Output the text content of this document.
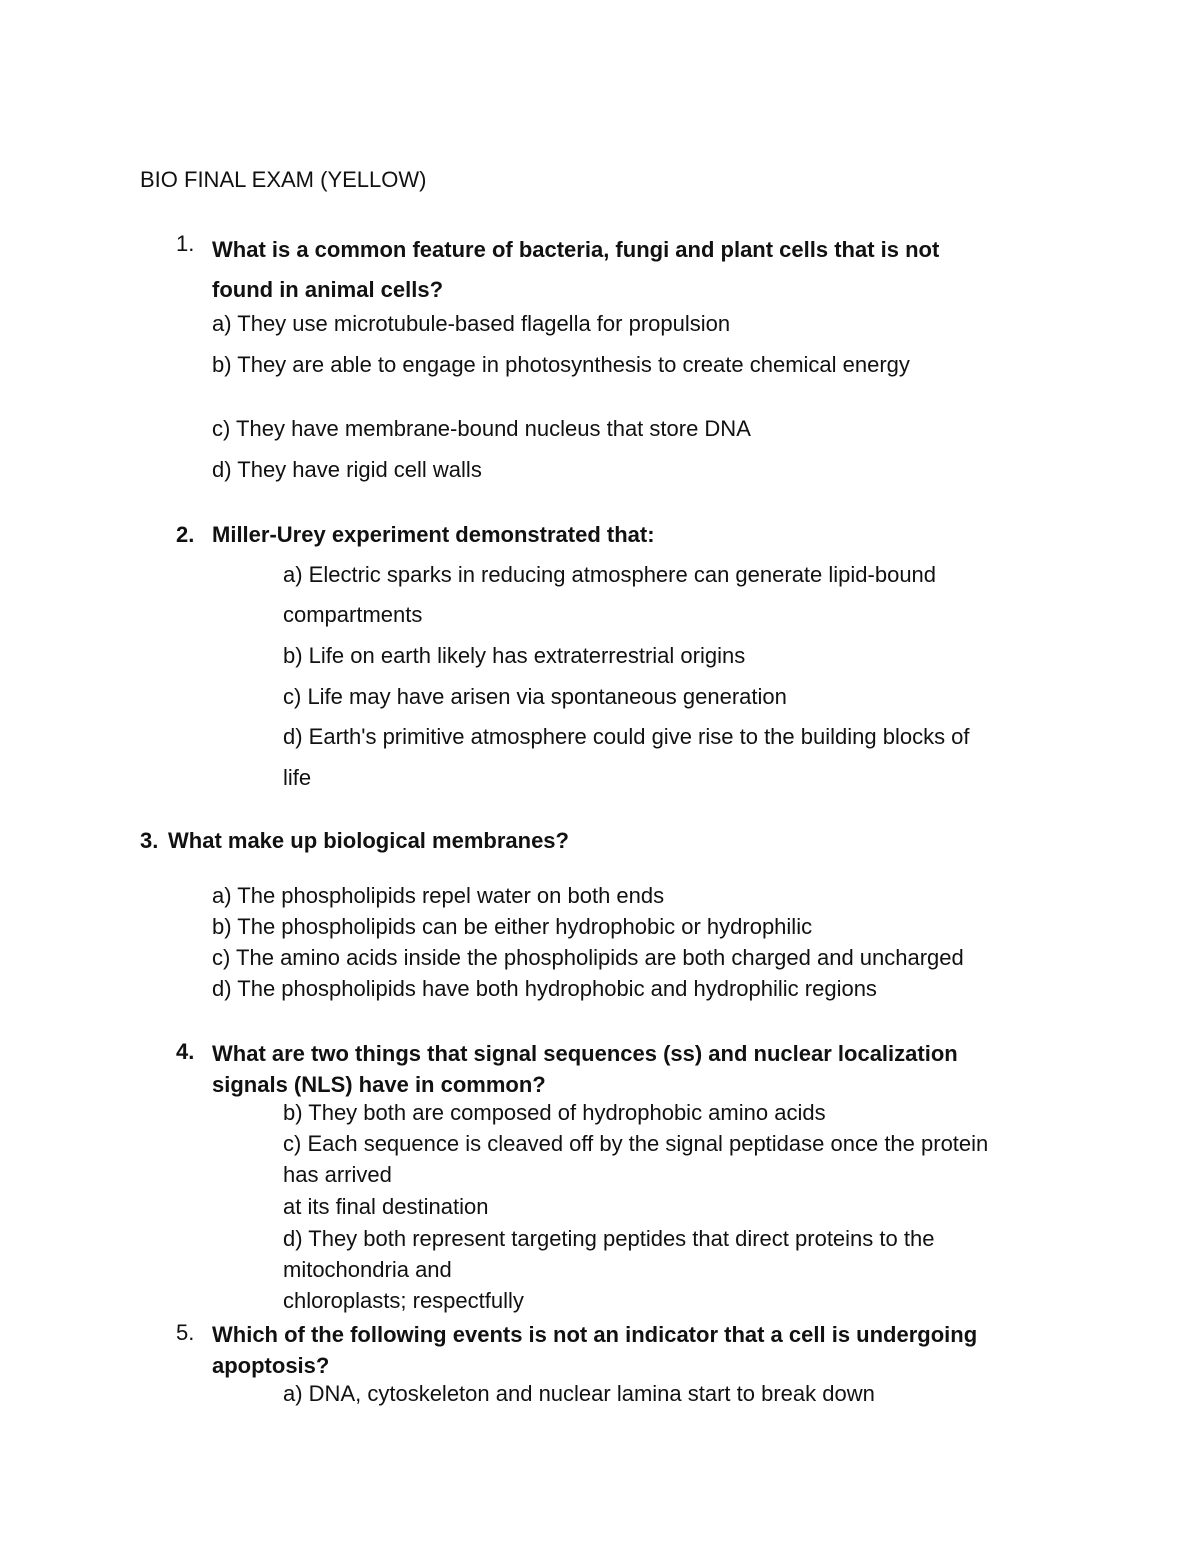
BIO FINAL EXAM (YELLOW)
1. What is a common feature of bacteria, fungi and plant cells that is not
found in animal cells?
a) They use microtubule-based flagella for propulsion
b) They are able to engage in photosynthesis to create chemical energy
c) They have membrane-bound nucleus that store DNA
d) They have rigid cell walls
2. Miller-Urey experiment demonstrated that:
a) Electric sparks in reducing atmosphere can generate lipid-bound
compartments
b) Life on earth likely has extraterrestrial origins
c) Life may have arisen via spontaneous generation
d) Earth's primitive atmosphere could give rise to the building blocks of
life
3. What make up biological membranes?
a) The phospholipids repel water on both ends
b) The phospholipids can be either hydrophobic or hydrophilic
c) The amino acids inside the phospholipids are both charged and uncharged
d) The phospholipids have both hydrophobic and hydrophilic regions
4. What are two things that signal sequences (ss) and nuclear localization
signals (NLS) have in common?
b) They both are composed of hydrophobic amino acids
c) Each sequence is cleaved off by the signal peptidase once the protein
has arrived
at its final destination
d) They both represent targeting peptides that direct proteins to the
mitochondria and
chloroplasts; respectfully
5. Which of the following events is not an indicator that a cell is undergoing
apoptosis?
a) DNA, cytoskeleton and nuclear lamina start to break down
